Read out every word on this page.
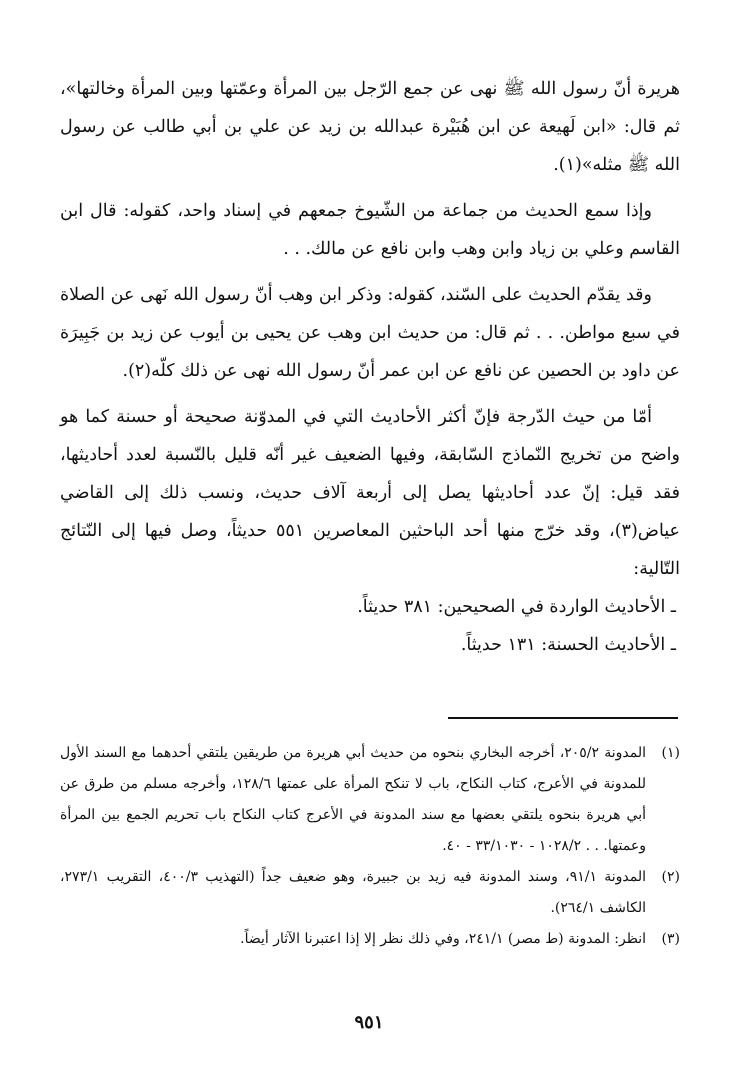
هريرة أنّ رسول الله ﷺ نهى عن جمع الرّجل بين المرأة وعمّتها وبين المرأة وخالتها»، ثم قال: «ابن لَهيعة عن ابن هُبَيْرة عبدالله بن زيد عن علي بن أبي طالب عن رسول الله ﷺ مثله»(١).

وإذا سمع الحديث من جماعة من الشّيوخ جمعهم في إسناد واحد، كقوله: قال ابن القاسم وعلي بن زياد وابن وهب وابن نافع عن مالك. . .

وقد يقدّم الحديث على السّند، كقوله: وذكر ابن وهب أنّ رسول الله نَهى عن الصلاة في سبع مواطن. . . ثم قال: من حديث ابن وهب عن يحيى بن أيوب عن زيد بن جَبِيرَة عن داود بن الحصين عن نافع عن ابن عمر أنّ رسول الله نهى عن ذلك كلّه(٢).

أمّا من حيث الدّرجة فإنّ أكثر الأحاديث التي في المدوّنة صحيحة أو حسنة كما هو واضح من تخريج النّماذج السّابقة، وفيها الضعيف غير أنّه قليل بالنّسبة لعدد أحاديثها، فقد قيل: إنّ عدد أحاديثها يصل إلى أربعة آلاف حديث، ونسب ذلك إلى القاضي عياض(٣)، وقد خرّج منها أحد الباحثين المعاصرين ٥٥١ حديثاً، وصل فيها إلى النّتائج التّالية:

ـ الأحاديث الواردة في الصحيحين: ٣٨١ حديثاً.
ـ الأحاديث الحسنة: ١٣١ حديثاً.
(١)
المدونة ٢٠٥/٢، أخرجه البخاري بنحوه من حديث أبي هريرة من طريقين يلتقي أحدهما مع السند الأول للمدونة في الأعرج، كتاب النكاح، باب لا تنكح المرأة على عمتها ١٢٨/٦، وأخرجه مسلم من طرق عن أبي هريرة بنحوه يلتقي بعضها مع سند المدونة في الأعرج كتاب النكاح باب تحريم الجمع بين المرأة وعمتها. . . ١٠٢٨/٢ - ٣٣/١٠٣٠ - ٤٠.
(٢)
المدونة ٩١/١، وسند المدونة فيه زيد بن جبيرة، وهو ضعيف جداً (التهذيب ٤٠٠/٣، التقريب ٢٧٣/١، الكاشف ٢٦٤/١).
(٣)
انظر: المدونة (ط مصر) ٢٤١/١، وفي ذلك نظر إلا إذا اعتبرنا الآثار أيضاً.
٩٥١
